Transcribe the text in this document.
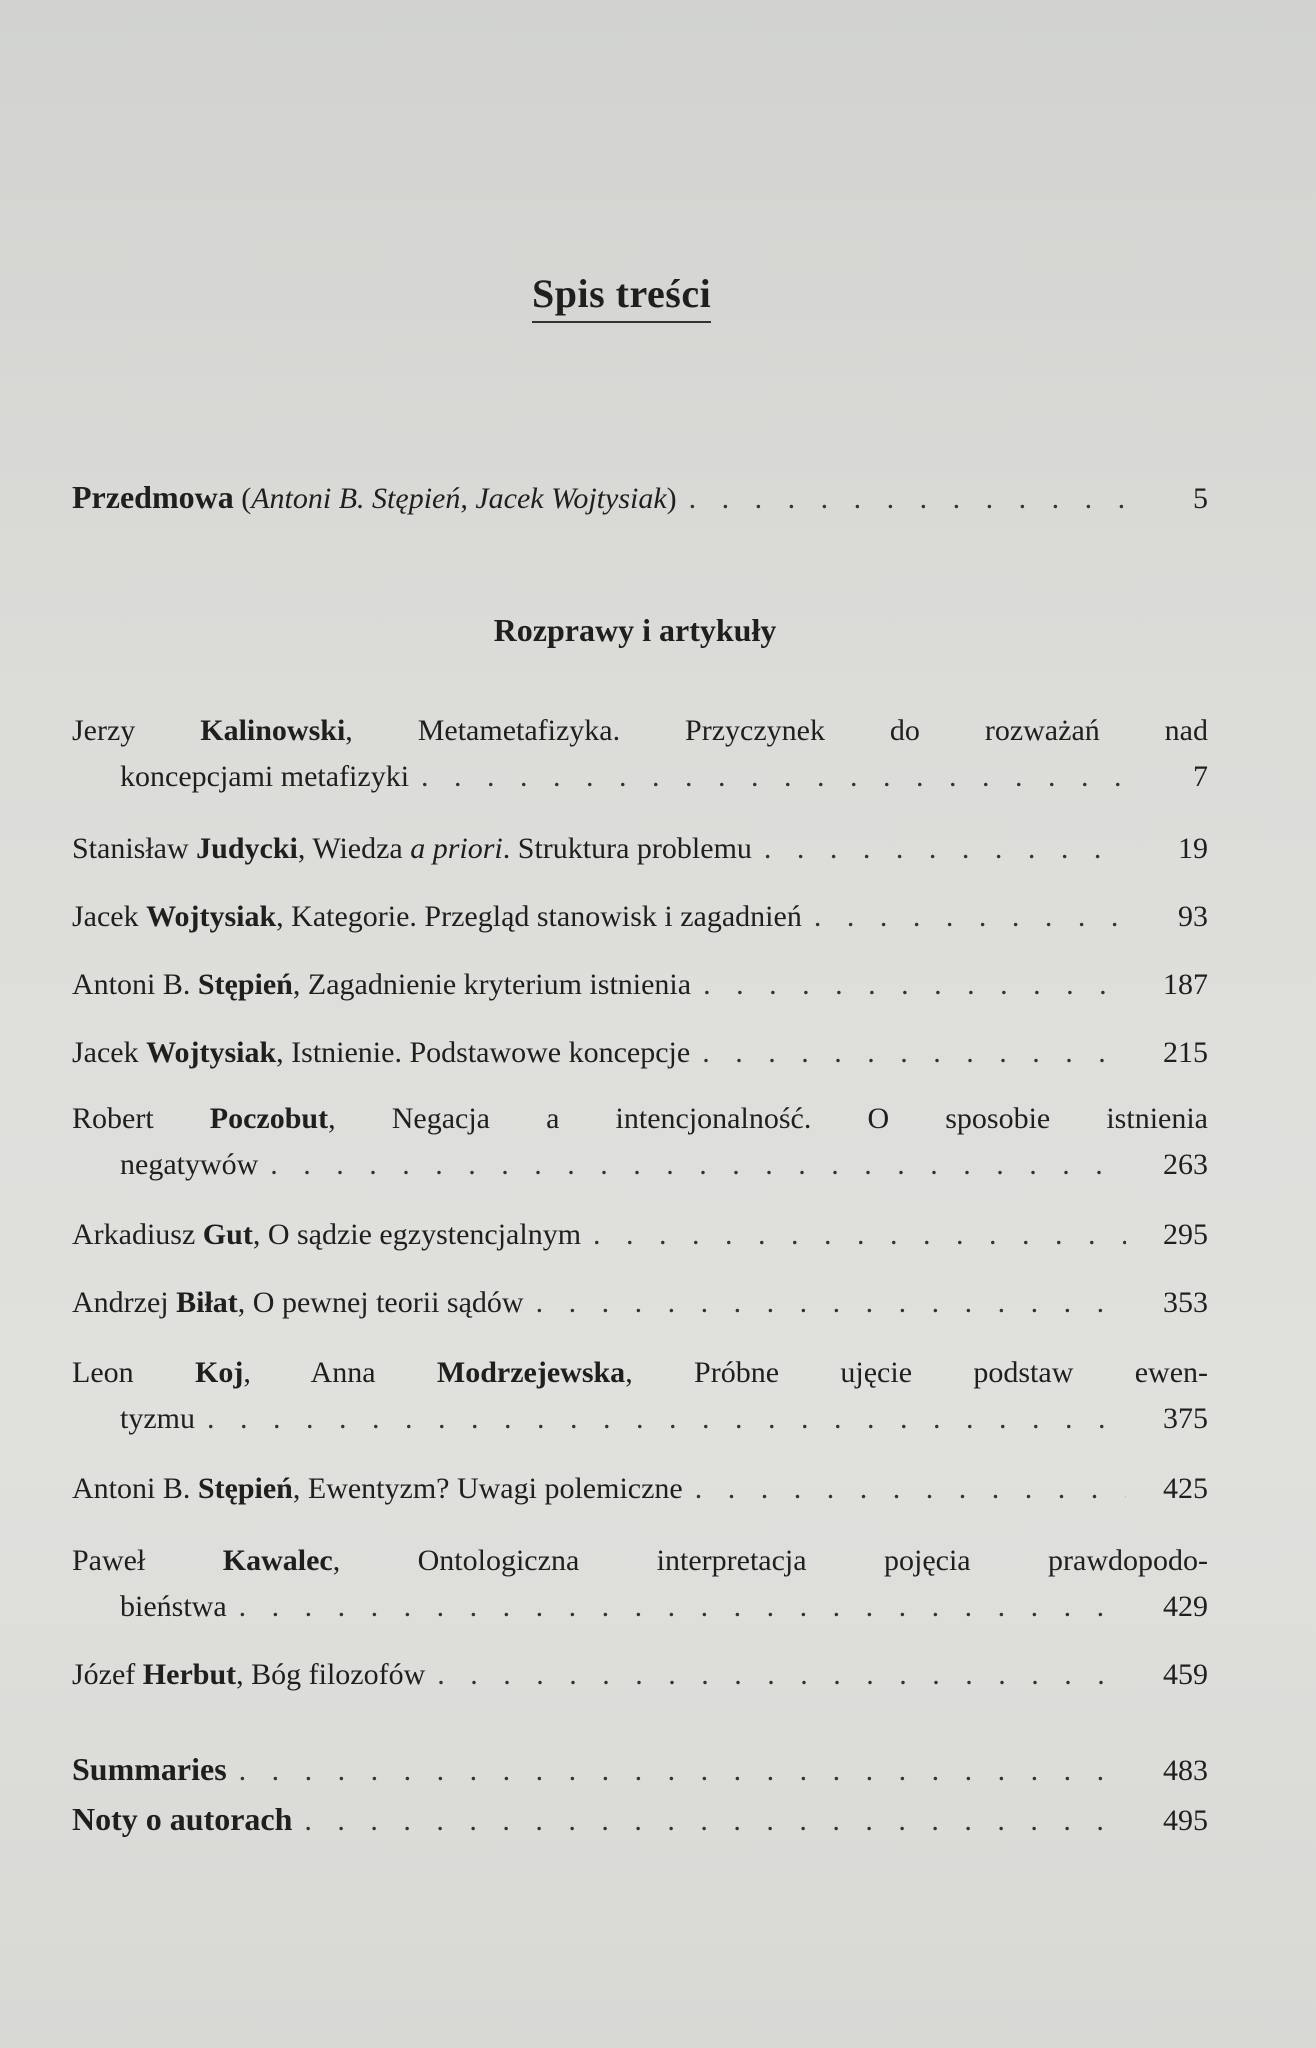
Spis treści
Przedmowa (Antoni B. Stępień, Jacek Wojtysiak) . . .	5
Rozprawy i artykuły
Jerzy Kalinowski, Metametafizyka. Przyczynek do rozważań nad
koncepcjami metafizyki . . .	7
Stanisław Judycki, Wiedza a priori. Struktura problemu . . .	19
Jacek Wojtysiak, Kategorie. Przegląd stanowisk i zagadnień . . .	93
Antoni B. Stępień, Zagadnienie kryterium istnienia . . .	187
Jacek Wojtysiak, Istnienie. Podstawowe koncepcje . . .	215
Robert Poczobut, Negacja a intencjonalność. O sposobie istnienia
negatywów . . .	263
Arkadiusz Gut, O sądzie egzystencjalnym . . .	295
Andrzej Biłat, O pewnej teorii sądów . . .	353
Leon Koj, Anna Modrzejewska, Próbne ujęcie podstaw ewen-
tyzmu . . .	375
Antoni B. Stępień, Ewentyzm? Uwagi polemiczne . . .	425
Paweł	Kawalec, Ontologiczna interpretacja pojęcia prawdopodo-
bieństwa . . .	429
Józef Herbut, Bóg filozofów . . .	459
Summaries . . .	483
Noty o autorach . . .	495
